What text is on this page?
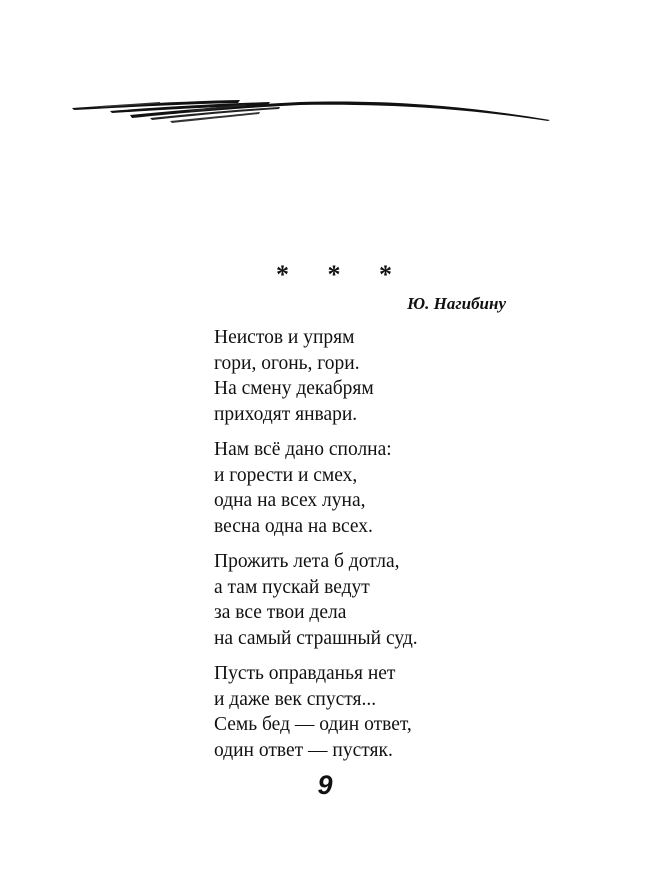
* * *
Ю. Нагибину
Неистов и упрям
гори, огонь, гори.
На смену декабрям
приходят январи.
Нам всё дано сполна:
и горести и смех,
одна на всех луна,
весна одна на всех.
Прожить лета б дотла,
а там пускай ведут
за все твои дела
на самый страшный суд.
Пусть оправданья нет
и даже век спустя...
Семь бед — один ответ,
один ответ — пустяк.
9
